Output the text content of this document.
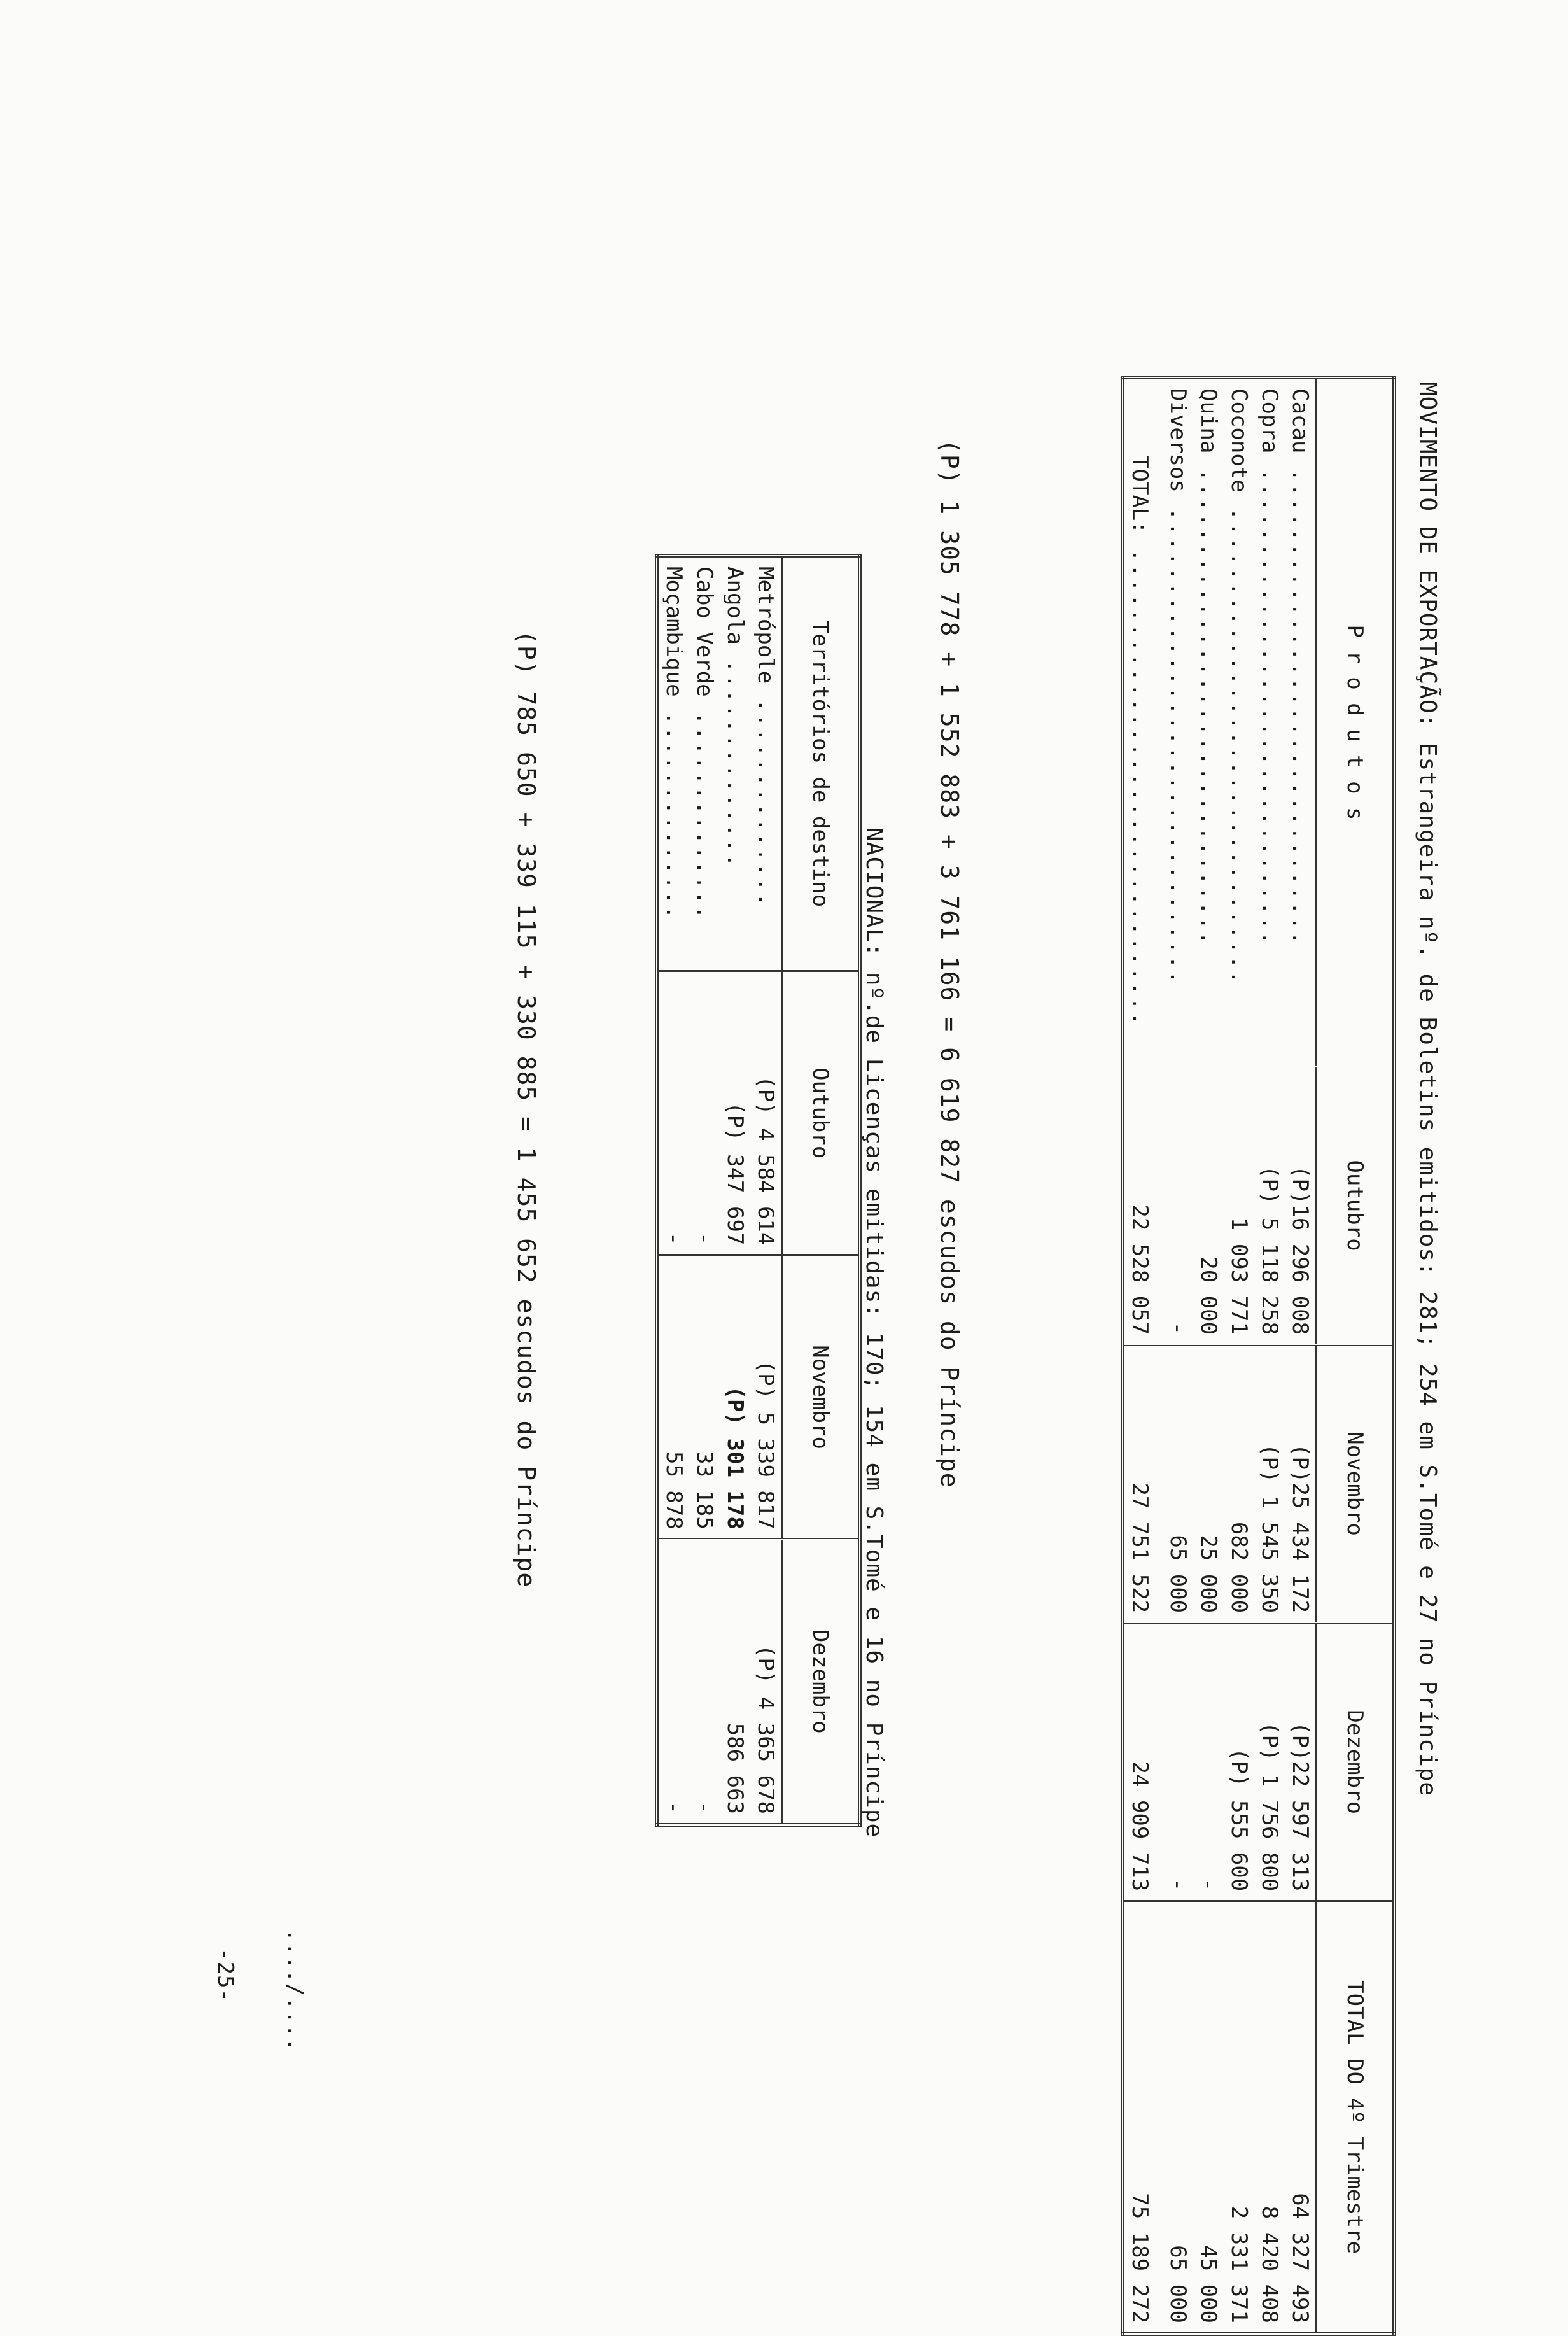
MOVIMENTO DE EXPORTAÇÃO: Estrangeira nº. de Boletins emitidos: 281; 254 em S.Tomé e 27 no Príncipe
P r o d u t o s	Outubro	Novembro	Dezembro	TOTAL DO 4º Trimestre
Cacau .....	(P)16 296 008	(P)25 434 172	(P)22 597 313	64 327 493
Copra .....	(P) 5 118 258	(P) 1 545 350	(P) 1 756 800	8 420 408
Coconote .....	1 093 771	682 000	(P) 555 600	2 331 371
Quina .....	20 000	25 000	-	45 000
Diversos .....	-	65 000	-	65 000
TOTAL: .....	22 528 057	27 751 522	24 909 713	75 189 272
(P) 1 305 778 + 1 552 883 + 3 761 166 = 6 619 827 escudos do Príncipe
NACIONAL: nº.de Licenças emitidas: 170; 154 em S.Tomé e 16 no Príncipe
Territórios de destino	Outubro	Novembro	Dezembro
Metrópole .....	(P) 4 584 614	(P) 5 339 817	(P) 4 365 678
Angola .....	(P) 347 697	(P) 301 178	586 663
Cabo Verde .....	-	33 185	-
Moçambique .....	-	55 878	-
(P) 785 650 + 339 115 + 330 885 = 1 455 652 escudos do Príncipe
..../....
-25-
